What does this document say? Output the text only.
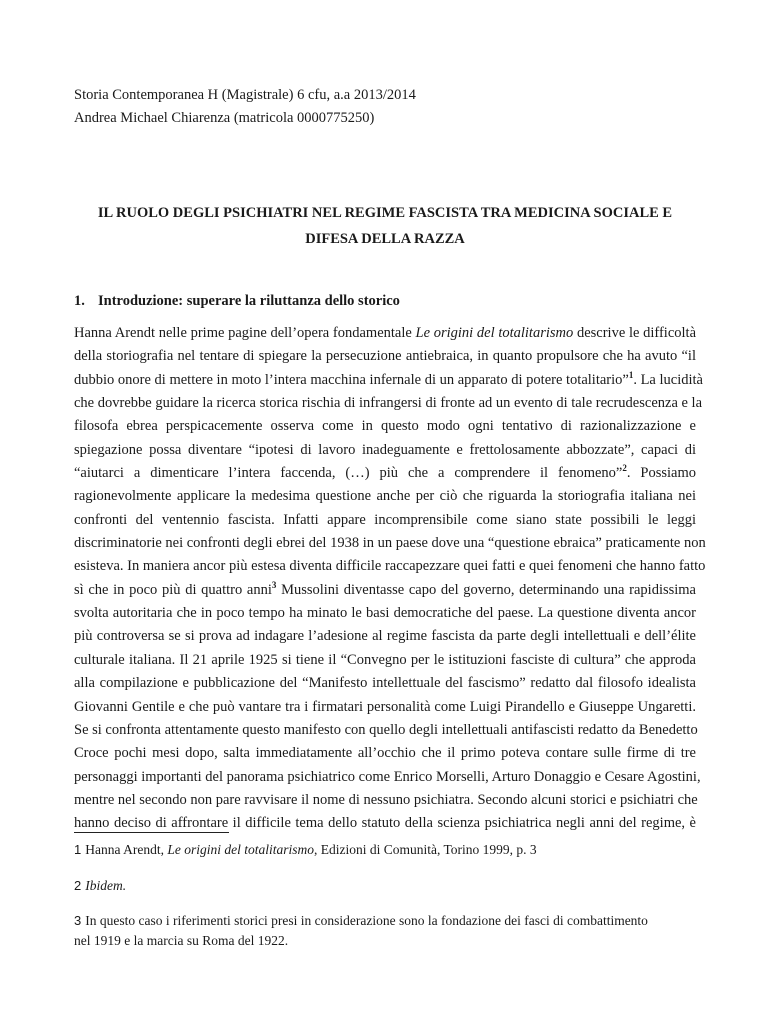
Storia Contemporanea H (Magistrale) 6 cfu, a.a 2013/2014
Andrea Michael Chiarenza (matricola 0000775250)
IL RUOLO DEGLI PSICHIATRI NEL REGIME FASCISTA TRA MEDICINA SOCIALE E
DIFESA DELLA RAZZA
1. Introduzione: superare la riluttanza dello storico
Hanna Arendt nelle prime pagine dell’opera fondamentale Le origini del totalitarismo descrive le difficoltà
della storiografia nel tentare di spiegare la persecuzione antiebraica, in quanto propulsore che ha avuto “il
dubbio onore di mettere in moto l’intera macchina infernale di un apparato di potere totalitario”$^1$. La lucidità
che dovrebbe guidare la ricerca storica rischia di infrangersi di fronte ad un evento di tale recrudescenza e la
filosofa ebrea perspicacemente osserva come in questo modo ogni tentativo di razionalizzazione e
spiegazione possa diventare “ipotesi di lavoro inadeguamente e frettolosamente abbozzate”, capaci di
“aiutarci a dimenticare l’intera faccenda, (…) più che a comprendere il fenomeno”$^2$. Possiamo
ragionevolmente applicare la medesima questione anche per ciò che riguarda la storiografia italiana nei
confronti del ventennio fascista. Infatti appare incomprensibile come siano state possibili le leggi
discriminatorie nei confronti degli ebrei del 1938 in un paese dove una “questione ebraica” praticamente non
esisteva. In maniera ancor più estesa diventa difficile raccapezzare quei fatti e quei fenomeni che hanno fatto
sì che in poco più di quattro anni$^3$ Mussolini diventasse capo del governo, determinando una rapidissima
svolta autoritaria che in poco tempo ha minato le basi democratiche del paese. La questione diventa ancor
più controversa se si prova ad indagare l’adesione al regime fascista da parte degli intellettuali e dell’élite
culturale italiana. Il 21 aprile 1925 si tiene il “Convegno per le istituzioni fasciste di cultura” che approda
alla compilazione e pubblicazione del “Manifesto intellettuale del fascismo” redatto dal filosofo idealista
Giovanni Gentile e che può vantare tra i firmatari personalità come Luigi Pirandello e Giuseppe Ungaretti.
Se si confronta attentamente questo manifesto con quello degli intellettuali antifascisti redatto da Benedetto
Croce pochi mesi dopo, salta immediatamente all’occhio che il primo poteva contare sulle firme di tre
personaggi importanti del panorama psichiatrico come Enrico Morselli, Arturo Donaggio e Cesare Agostini,
mentre nel secondo non pare ravvisare il nome di nessuno psichiatra. Secondo alcuni storici e psichiatri che
hanno deciso di affrontare il difficile tema dello statuto della scienza psichiatrica negli anni del regime, è
1 Hanna Arendt, Le origini del totalitarismo, Edizioni di Comunità, Torino 1999, p. 3
2 Ibidem.
3 In questo caso i riferimenti storici presi in considerazione sono la fondazione dei fasci di combattimento
nel 1919 e la marcia su Roma del 1922.
